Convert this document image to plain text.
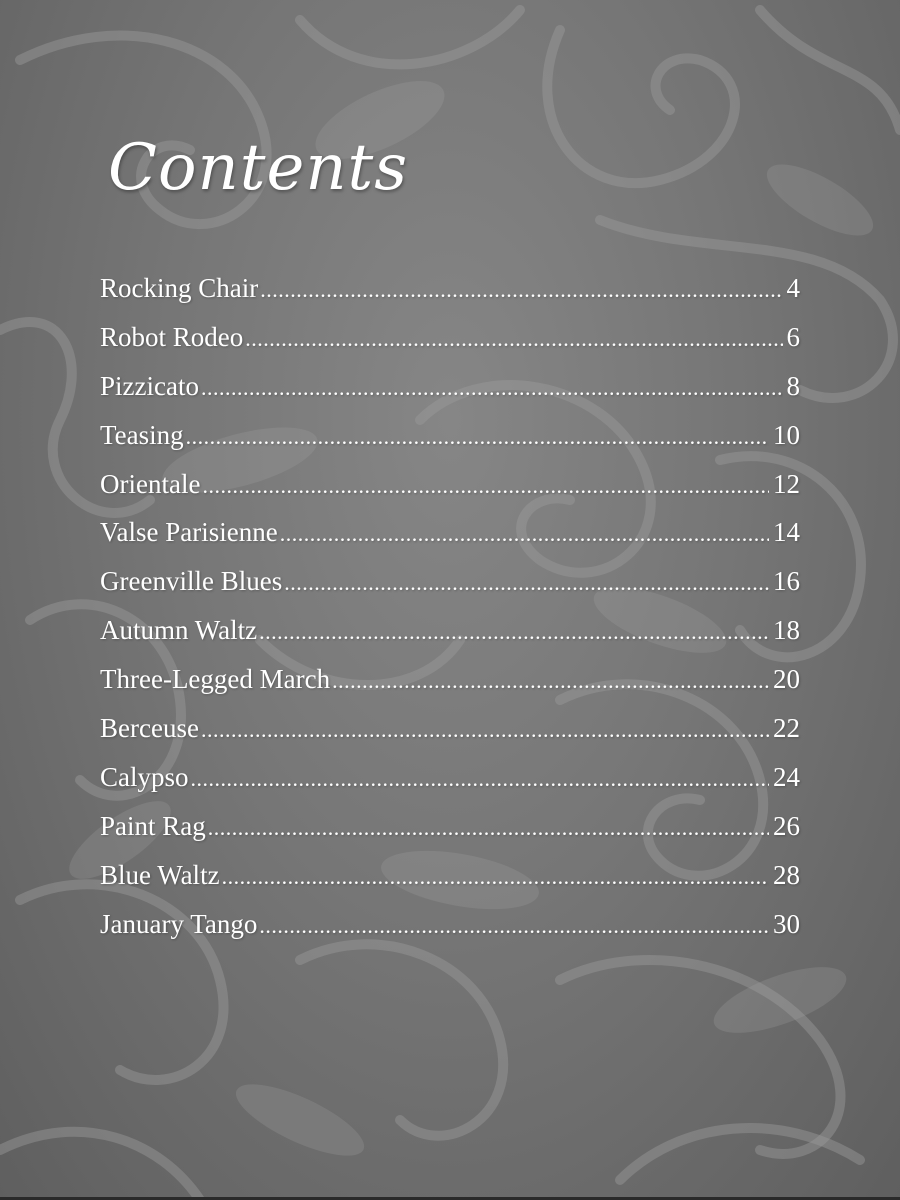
Contents
Rocking Chair .....	4
Robot Rodeo .....	6
Pizzicato .....	8
Teasing .....	10
Orientale .....	12
Valse Parisienne .....	14
Greenville Blues .....	16
Autumn Waltz .....	18
Three-Legged March .....	20
Berceuse .....	22
Calypso .....	24
Paint Rag .....	26
Blue Waltz .....	28
January Tango .....	30
